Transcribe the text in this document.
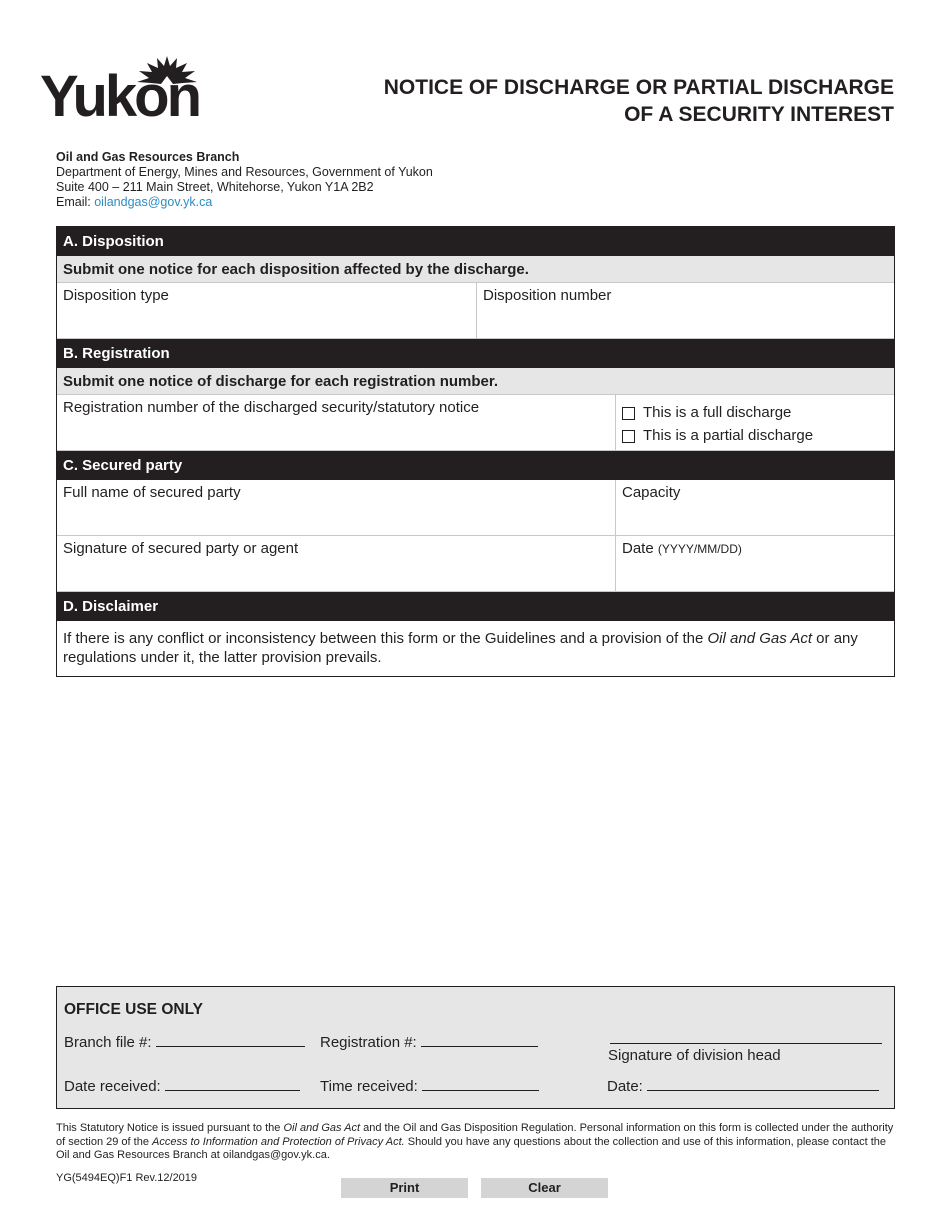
Yukon	NOTICE OF DISCHARGE OR PARTIAL DISCHARGE
OF A SECURITY INTEREST
Oil and Gas Resources Branch
Department of Energy, Mines and Resources, Government of Yukon
Suite 400 – 211 Main Street, Whitehorse, Yukon Y1A 2B2
Email: oilandgas@gov.yk.ca
A. Disposition
Submit one notice for each disposition affected by the discharge.
Disposition type	Disposition number
B. Registration
Submit one notice of discharge for each registration number.
Registration number of the discharged security/statutory notice	This is a full discharge
This is a partial discharge
C. Secured party
Full name of secured party	Capacity
Signature of secured party or agent	Date (YYYY/MM/DD)
D. Disclaimer
If there is any conflict or inconsistency between this form or the Guidelines and a provision of the Oil and Gas Act or any regulations under it, the latter provision prevails.
OFFICE USE ONLY
Branch file #:	Registration #:
Signature of division head
Date received:	Time received:	Date:
This Statutory Notice is issued pursuant to the Oil and Gas Act and the Oil and Gas Disposition Regulation. Personal information on this form is collected under the authority of section 29 of the Access to Information and Protection of Privacy Act. Should you have any questions about the collection and use of this information, please contact the Oil and Gas Resources Branch at oilandgas@gov.yk.ca.
YG(5494EQ)F1 Rev.12/2019
Print	Clear
